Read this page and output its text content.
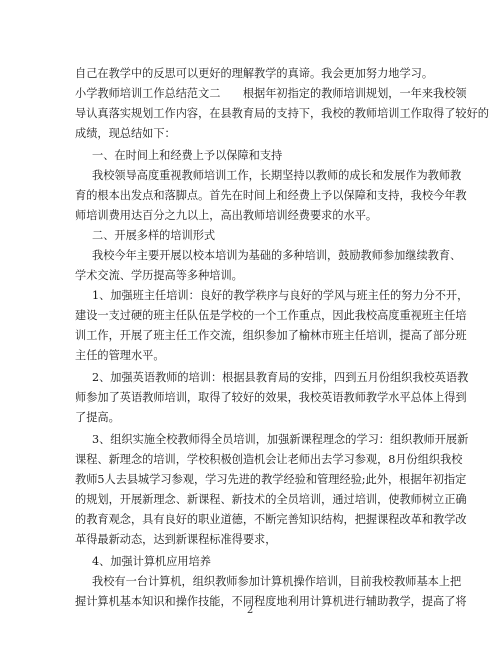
自己在教学中的反思可以更好的理解教学的真谛。我会更加努力地学习。
小学教师培训工作总结范文二　　根据年初指定的教师培训规划，一年来我校领
导认真落实规划工作内容，在县教育局的支持下，我校的教师培训工作取得了较好的
成绩，现总结如下：
一、在时间上和经费上予以保障和支持
我校领导高度重视教师培训工作，长期坚持以教师的成长和发展作为教师教
育的根本出发点和落脚点。首先在时间上和经费上予以保障和支持，我校今年教
师培训费用达百分之九以上，高出教师培训经费要求的水平。
二、开展多样的培训形式
我校今年主要开展以校本培训为基础的多种培训，鼓励教师参加继续教育、
学术交流、学历提高等多种培训。
1、加强班主任培训：良好的教学秩序与良好的学风与班主任的努力分不开，
建设一支过硬的班主任队伍是学校的一个工作重点，因此我校高度重视班主任培
训工作，开展了班主任工作交流，组织参加了榆林市班主任培训，提高了部分班
主任的管理水平。
2、加强英语教师的培训：根据县教育局的安排，四到五月份组织我校英语教
师参加了英语教师培训，取得了较好的效果，我校英语教师教学水平总体上得到
了提高。
3、组织实施全校教师得全员培训，加强新课程理念的学习：组织教师开展新
课程、新理念的培训，学校积极创造机会让老师出去学习参观，8月份组织我校
教师5人去县城学习参观，学习先进的教学经验和管理经验;此外，根据年初指定
的规划，开展新理念、新课程、新技术的全员培训，通过培训，使教师树立正确
的教育观念，具有良好的职业道德，不断完善知识结构，把握课程改革和教学改
革得最新动态，达到新课程标准得要求，
4、加强计算机应用培养
我校有一台计算机，组织教师参加计算机操作培训，目前我校教师基本上把
握计算机基本知识和操作技能，不同程度地利用计算机进行辅助教学，提高了将
2
